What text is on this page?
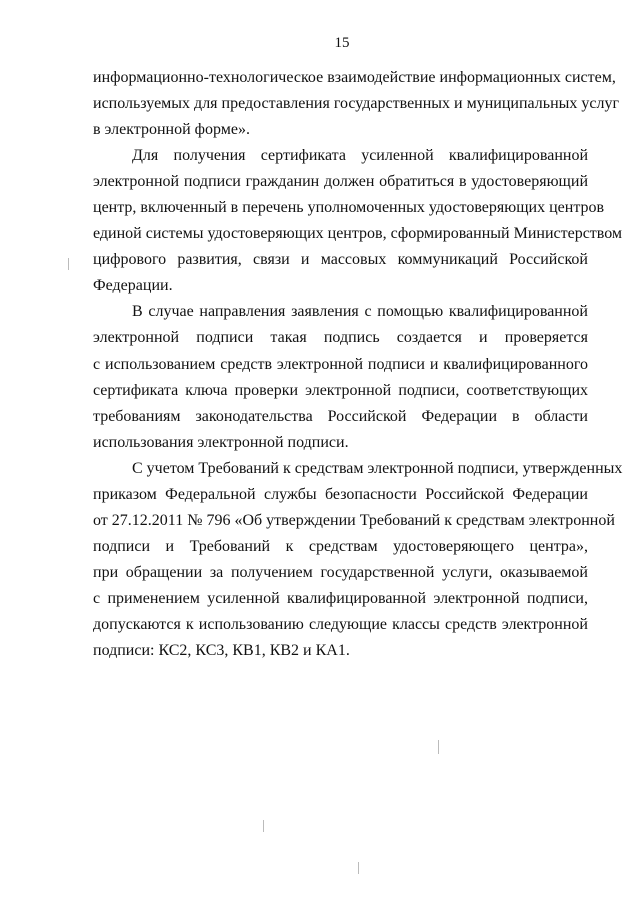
15
информационно-технологическое взаимодействие информационных систем,
используемых для предоставления государственных и муниципальных услуг
в электронной форме».
Для получения сертификата усиленной квалифицированной
электронной подписи гражданин должен обратиться в удостоверяющий
центр, включенный в перечень уполномоченных удостоверяющих центров
единой системы удостоверяющих центров, сформированный Министерством
цифрового развития, связи и массовых коммуникаций Российской
Федерации.
В случае направления заявления с помощью квалифицированной
электронной подписи такая подпись создается и проверяется
с использованием средств электронной подписи и квалифицированного
сертификата ключа проверки электронной подписи, соответствующих
требованиям законодательства Российской Федерации в области
использования электронной подписи.
С учетом Требований к средствам электронной подписи, утвержденных
приказом Федеральной службы безопасности Российской Федерации
от 27.12.2011 № 796 «Об утверждении Требований к средствам электронной
подписи и Требований к средствам удостоверяющего центра»,
при обращении за получением государственной услуги, оказываемой
с применением усиленной квалифицированной электронной подписи,
допускаются к использованию следующие классы средств электронной
подписи: КС2, КС3, КВ1, КВ2 и КА1.
